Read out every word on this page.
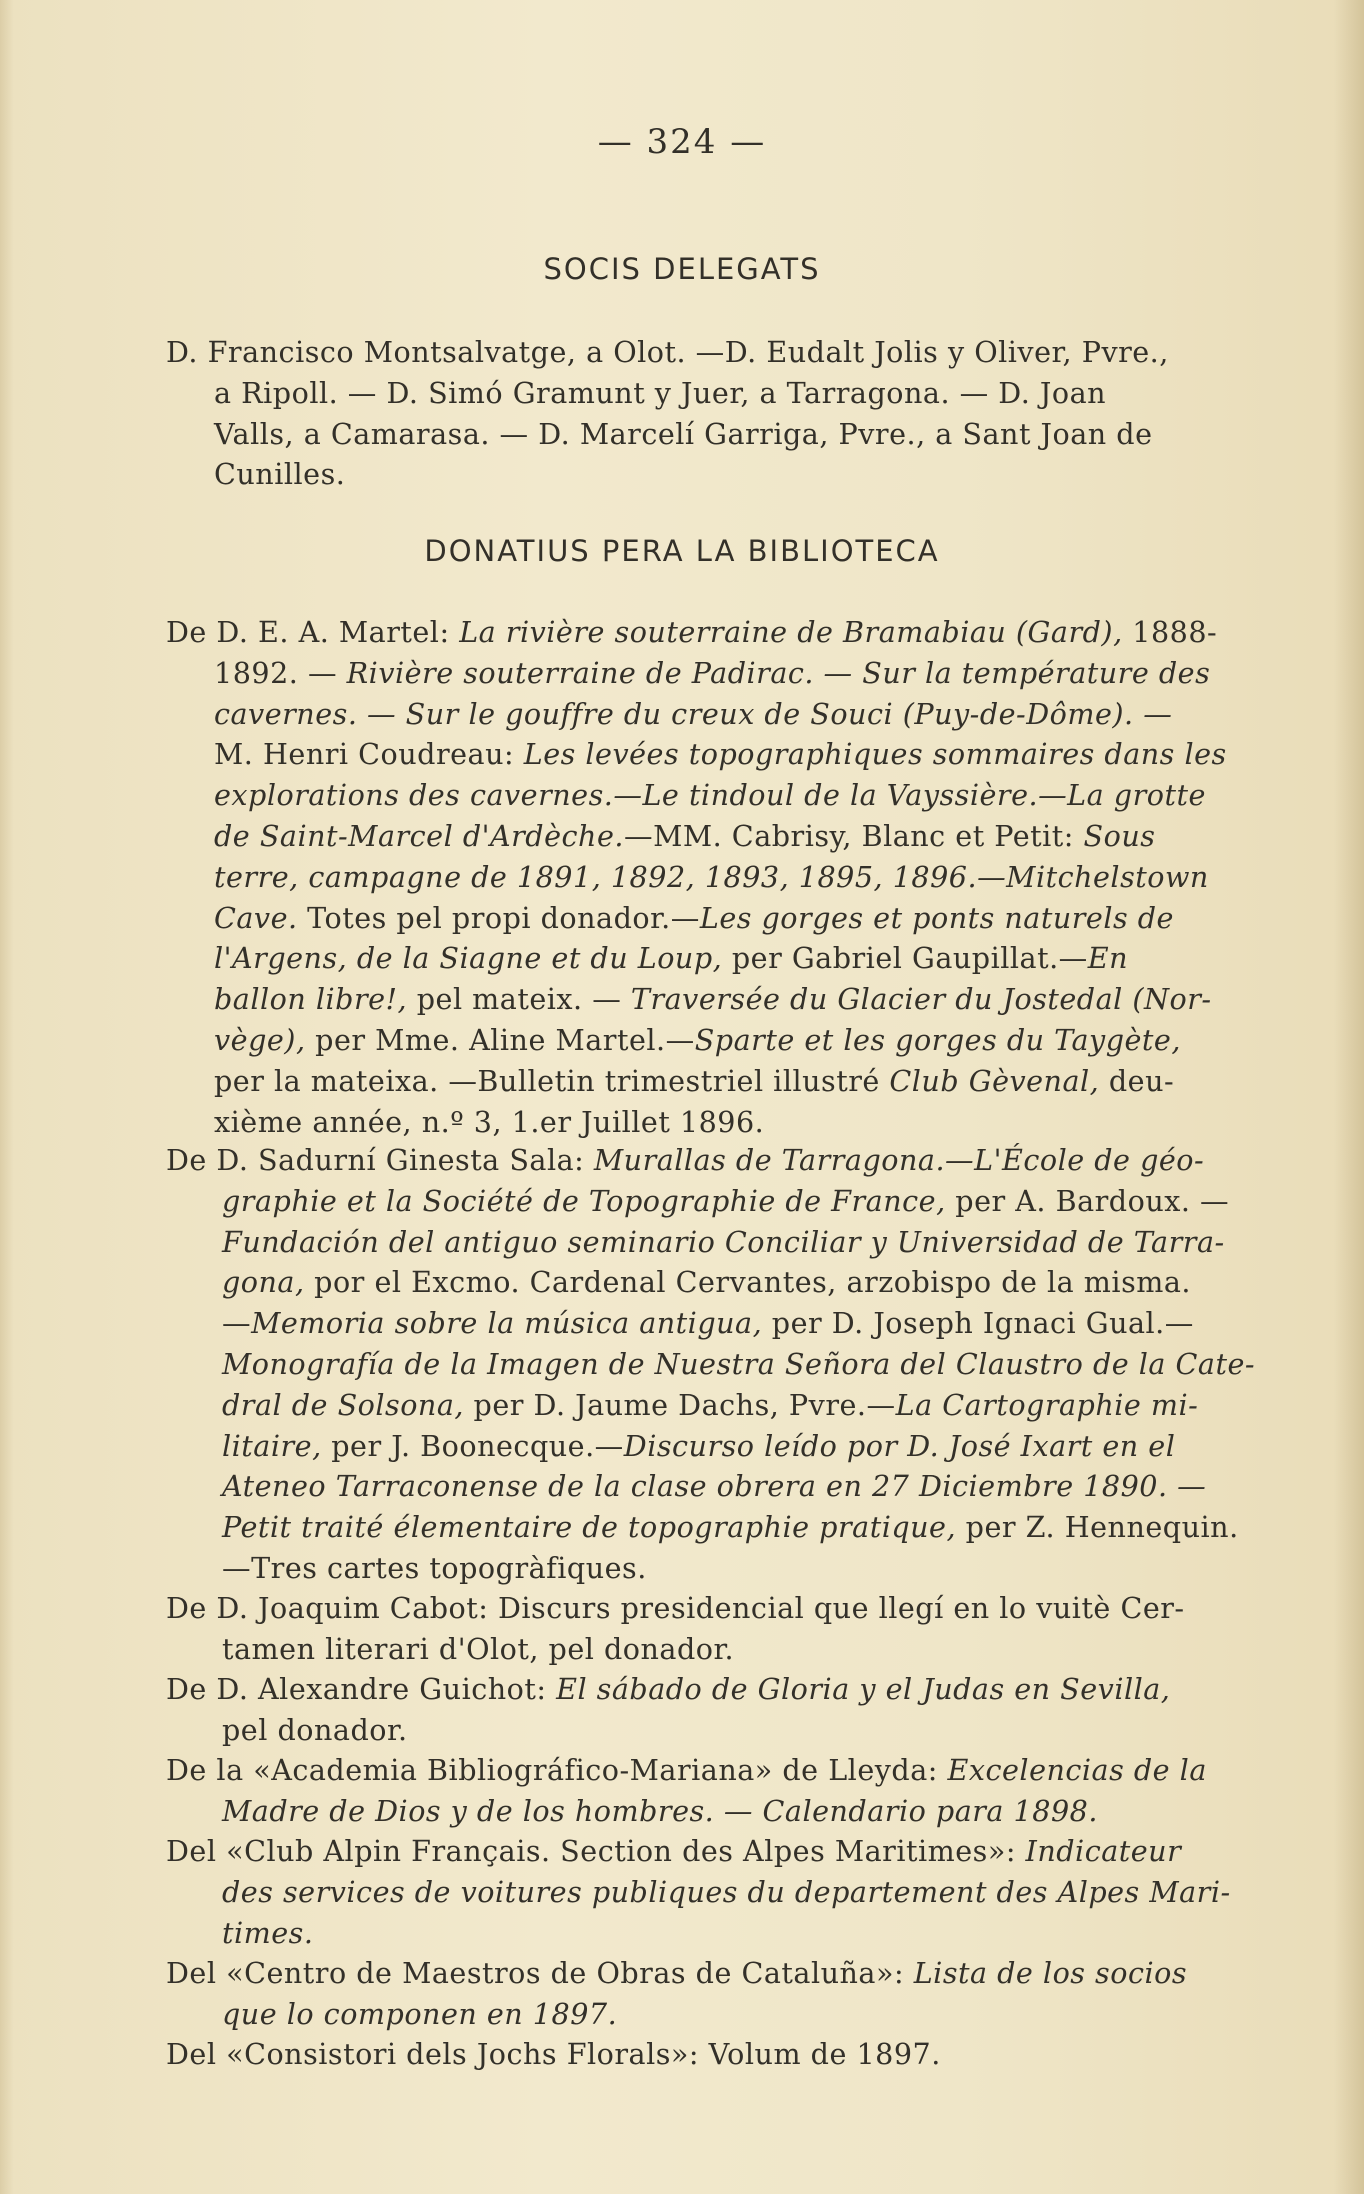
— 324 —
SOCIS DELEGATS
D. Francisco Montsalvatge, a Olot. —D. Eudalt Jolis y Oliver, Pvre.,
a Ripoll. — D. Simó Gramunt y Juer, a Tarragona. — D. Joan
Valls, a Camarasa. — D. Marcelí Garriga, Pvre., a Sant Joan de
Cunilles.
DONATIUS PERA LA BIBLIOTECA
De D. E. A. Martel: La rivière souterraine de Bramabiau (Gard), 1888-
1892. — Rivière souterraine de Padirac. — Sur la température des
cavernes. — Sur le gouffre du creux de Souci (Puy-de-Dôme). —
M. Henri Coudreau: Les levées topographiques sommaires dans les
explorations des cavernes.—Le tindoul de la Vayssière.—La grotte
de Saint-Marcel d'Ardèche.—MM. Cabrisy, Blanc et Petit: Sous
terre, campagne de 1891, 1892, 1893, 1895, 1896.—Mitchelstown
Cave. Totes pel propi donador.—Les gorges et ponts naturels de
l'Argens, de la Siagne et du Loup, per Gabriel Gaupillat.—En
ballon libre!, pel mateix. — Traversée du Glacier du Jostedal (Nor-
vège), per Mme. Aline Martel.—Sparte et les gorges du Taygète,
per la mateixa. —Bulletin trimestriel illustré Club Gèvenal, deu-
xième année, n.º 3, 1.er Juillet 1896.
De D. Sadurní Ginesta Sala: Murallas de Tarragona.—L'École de géo-
graphie et la Société de Topographie de France, per A. Bardoux. —
Fundación del antiguo seminario Conciliar y Universidad de Tarra-
gona, por el Excmo. Cardenal Cervantes, arzobispo de la misma.
—Memoria sobre la música antigua, per D. Joseph Ignaci Gual.—
Monografía de la Imagen de Nuestra Señora del Claustro de la Cate-
dral de Solsona, per D. Jaume Dachs, Pvre.—La Cartographie mi-
litaire, per J. Boonecque.—Discurso leído por D. José Ixart en el
Ateneo Tarraconense de la clase obrera en 27 Diciembre 1890. —
Petit traité élementaire de topographie pratique, per Z. Hennequin.
—Tres cartes topogràfiques.
De D. Joaquim Cabot: Discurs presidencial que llegí en lo vuitè Cer-
tamen literari d'Olot, pel donador.
De D. Alexandre Guichot: El sábado de Gloria y el Judas en Sevilla,
pel donador.
De la «Academia Bibliográfico-Mariana» de Lleyda: Excelencias de la
Madre de Dios y de los hombres. — Calendario para 1898.
Del «Club Alpin Français. Section des Alpes Maritimes»: Indicateur
des services de voitures publiques du departement des Alpes Mari-
times.
Del «Centro de Maestros de Obras de Cataluña»: Lista de los socios
que lo componen en 1897.
Del «Consistori dels Jochs Florals»: Volum de 1897.
